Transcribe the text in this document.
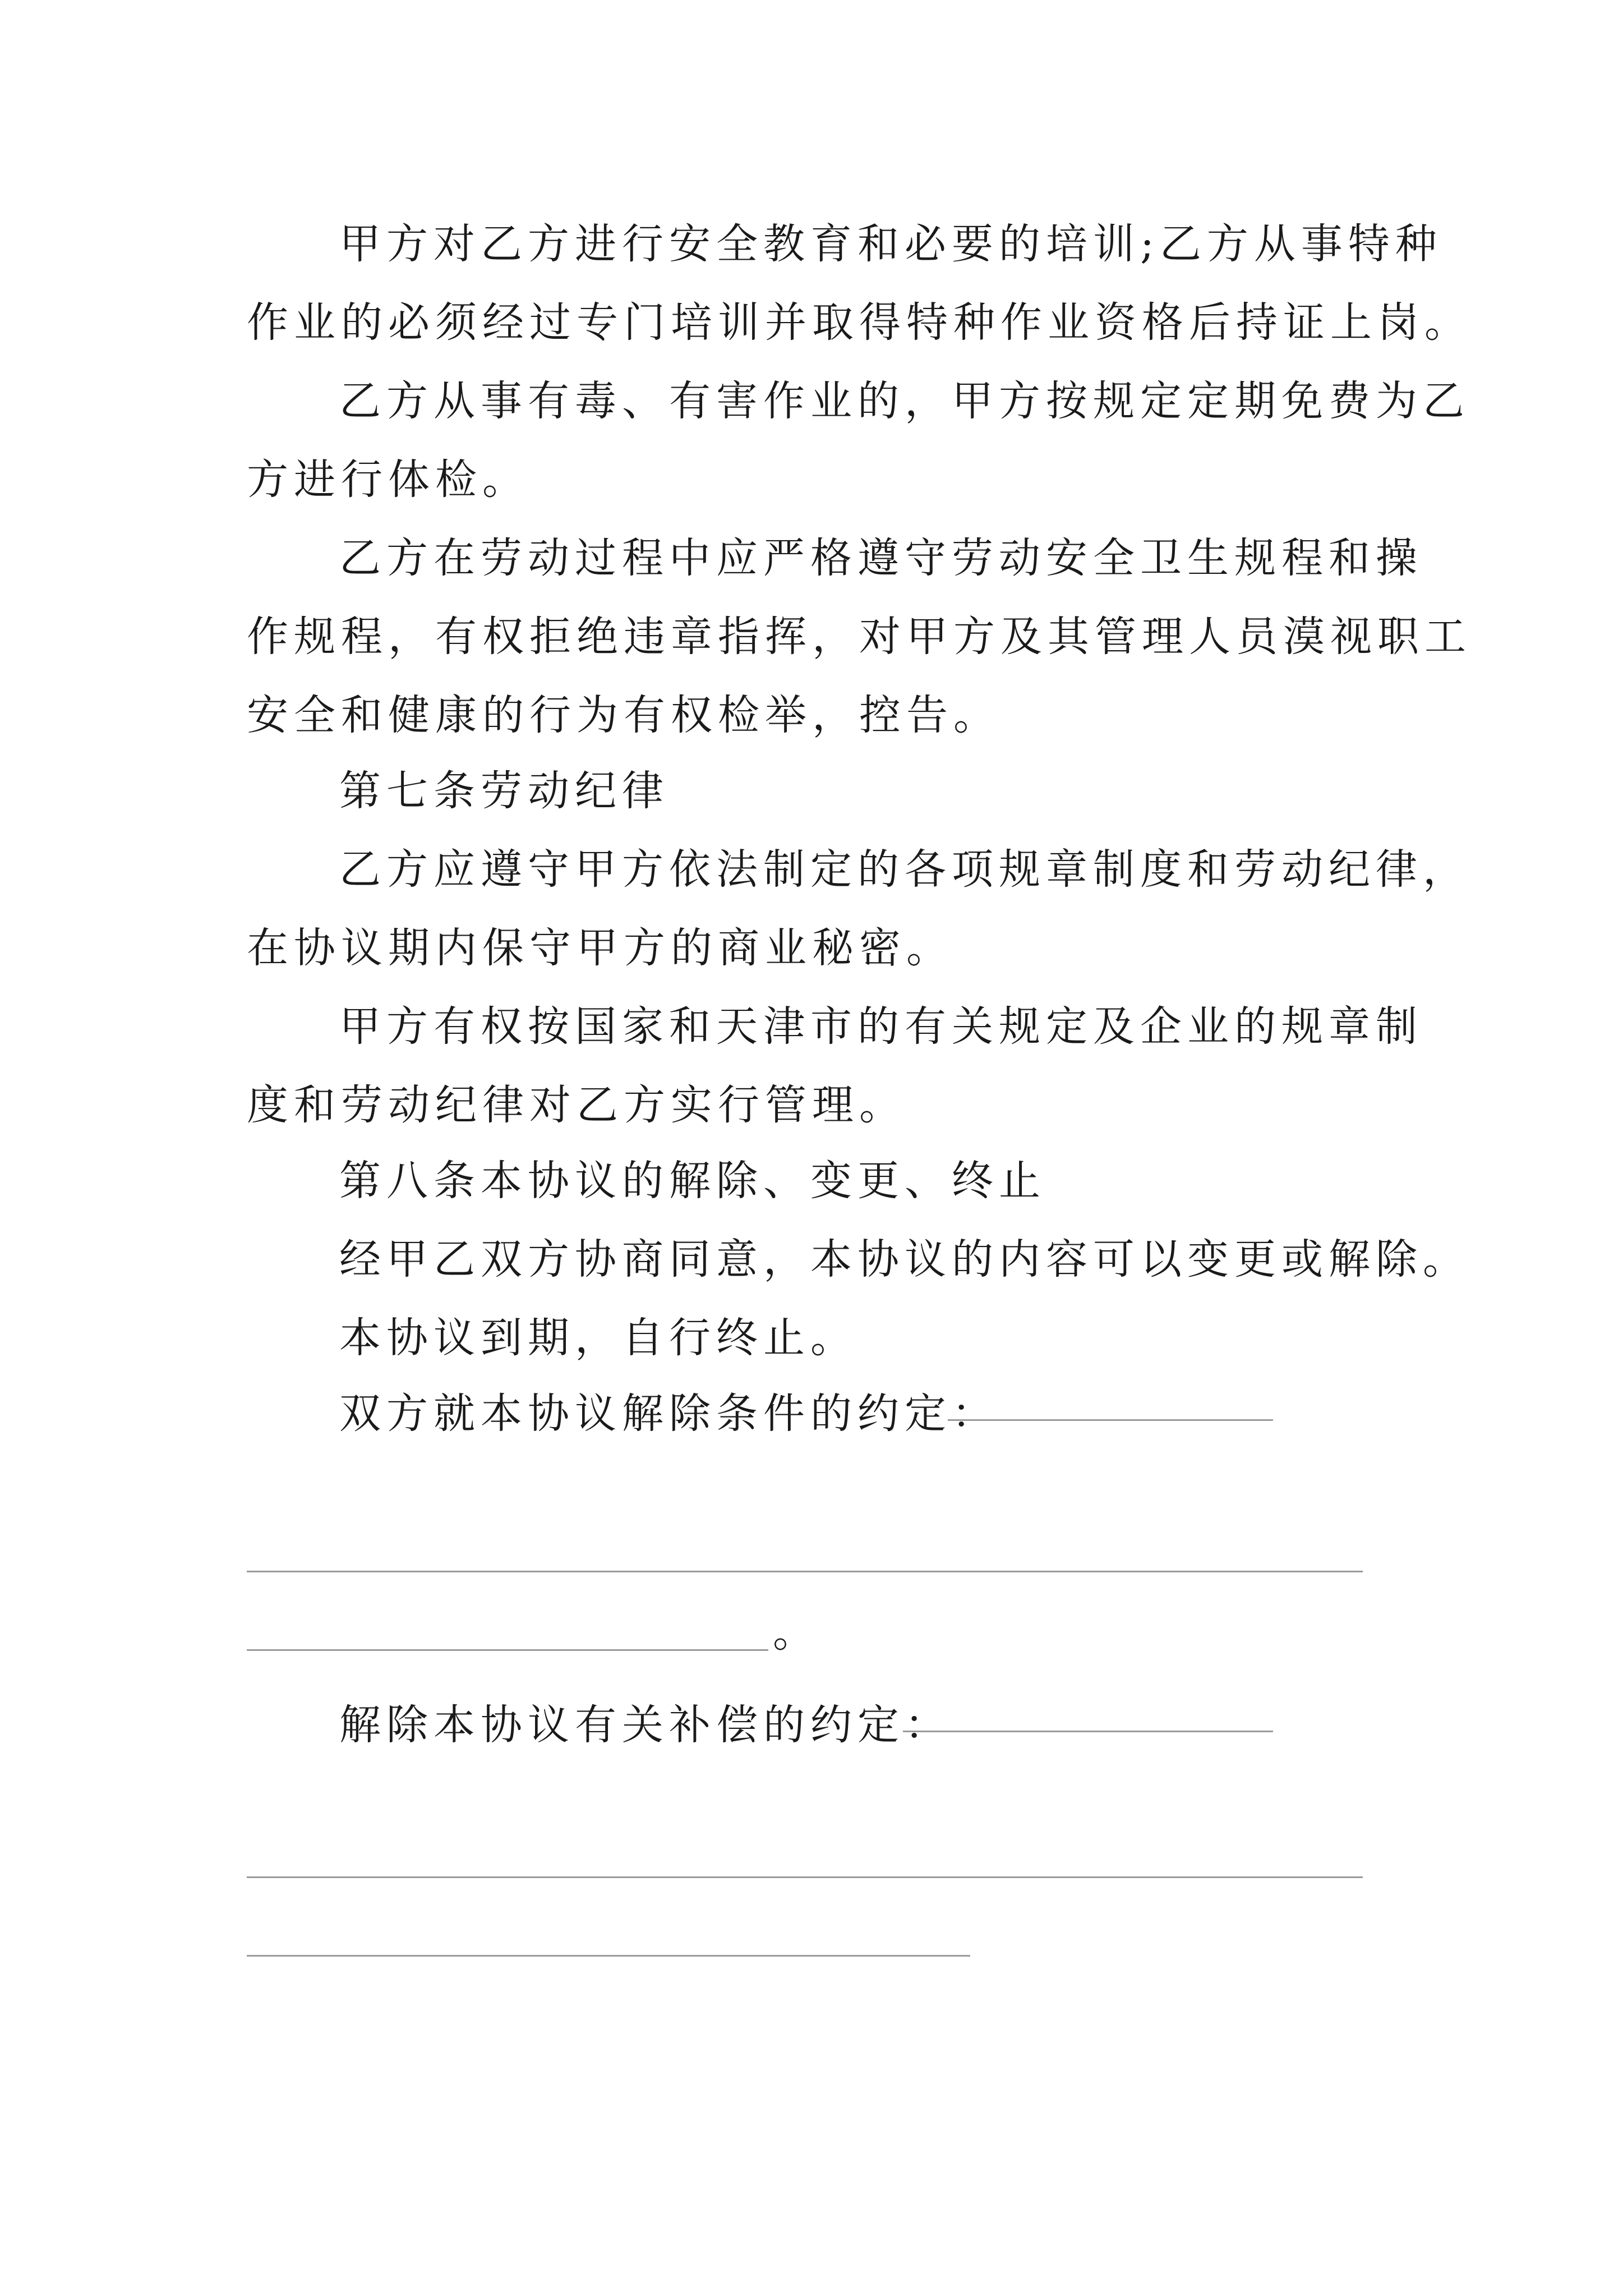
甲方对乙方进行安全教育和必要的培训;乙方从事特种
作业的必须经过专门培训并取得特种作业资格后持证上岗。
乙方从事有毒、有害作业的，甲方按规定定期免费为乙
方进行体检。
乙方在劳动过程中应严格遵守劳动安全卫生规程和操
作规程，有权拒绝违章指挥，对甲方及其管理人员漠视职工
安全和健康的行为有权检举，控告。
第七条劳动纪律
乙方应遵守甲方依法制定的各项规章制度和劳动纪律，
在协议期内保守甲方的商业秘密。
甲方有权按国家和天津市的有关规定及企业的规章制
度和劳动纪律对乙方实行管理。
第八条本协议的解除、变更、终止
经甲乙双方协商同意，本协议的内容可以变更或解除。
本协议到期，自行终止。
双方就本协议解除条件的约定：
。
解除本协议有关补偿的约定：
